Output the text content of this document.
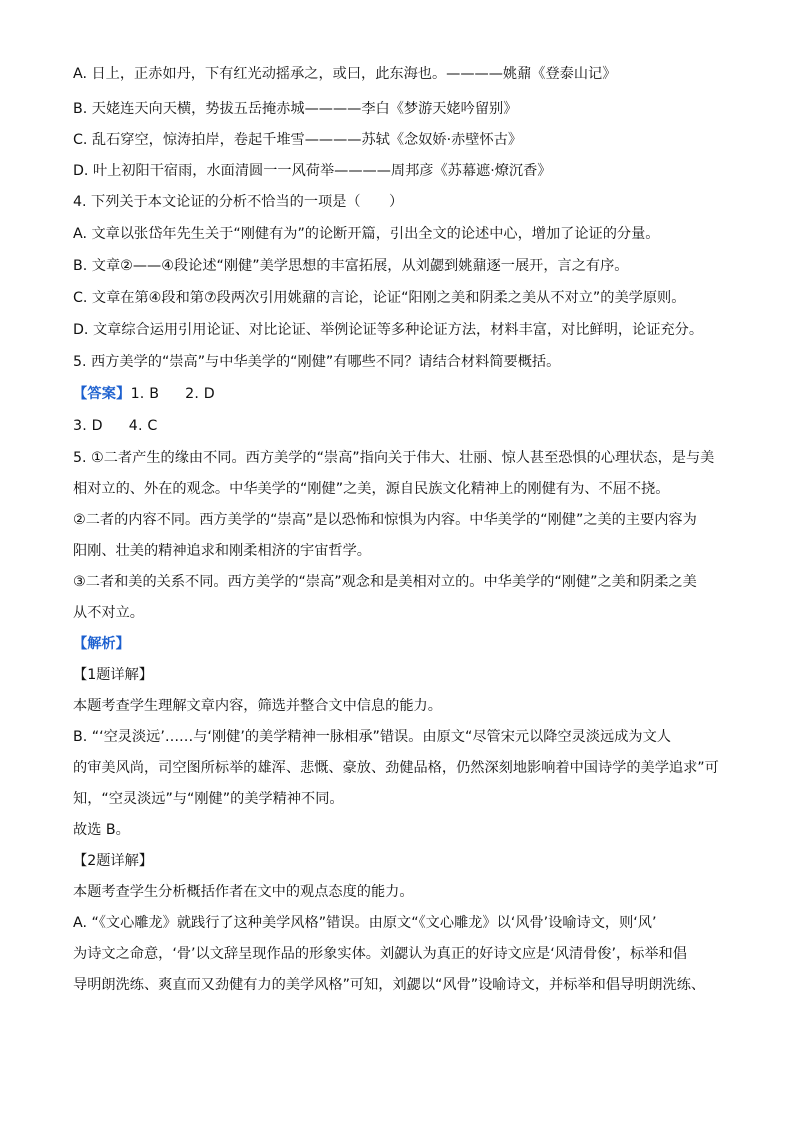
A. 日上，正赤如丹，下有红光动摇承之，或曰，此东海也。————姚鼐《登泰山记》

B. 天姥连天向天横，势拔五岳掩赤城————李白《梦游天姥吟留别》

C. 乱石穿空，惊涛拍岸，卷起千堆雪————苏轼《念奴娇·赤壁怀古》

D. 叶上初阳干宿雨，水面清圆一一风荷举————周邦彦《苏幕遮·燎沉香》

4. 下列关于本文论证的分析不恰当的一项是（　　）

A. 文章以张岱年先生关于“刚健有为”的论断开篇，引出全文的论述中心，增加了论证的分量。

B. 文章②——④段论述“刚健”美学思想的丰富拓展，从刘勰到姚鼐逐一展开，言之有序。

C. 文章在第④段和第⑦段两次引用姚鼐的言论，论证“阳刚之美和阴柔之美从不对立”的美学原则。

D. 文章综合运用引用论证、对比论证、举例论证等多种论证方法，材料丰富，对比鲜明，论证充分。

5. 西方美学的“崇高”与中华美学的“刚健”有哪些不同？请结合材料简要概括。

【答案】1. B 2. D

3. D 4. C

5. ①二者产生的缘由不同。西方美学的“崇高”指向关于伟大、壮丽、惊人甚至恐惧的心理状态，是与美

相对立的、外在的观念。中华美学的“刚健”之美，源自民族文化精神上的刚健有为、不屈不挠。

②二者的内容不同。西方美学的“崇高”是以恐怖和惊惧为内容。中华美学的“刚健”之美的主要内容为

阳刚、壮美的精神追求和刚柔相济的宇宙哲学。

③二者和美的关系不同。西方美学的“崇高”观念和是美相对立的。中华美学的“刚健”之美和阴柔之美

从不对立。

【解析】

【1题详解】

本题考查学生理解文章内容，筛选并整合文中信息的能力。

B. “‘空灵淡远’……与‘刚健’的美学精神一脉相承”错误。由原文“尽管宋元以降空灵淡远成为文人

的审美风尚，司空图所标举的雄浑、悲慨、豪放、劲健品格，仍然深刻地影响着中国诗学的美学追求”可

知，“空灵淡远”与“刚健”的美学精神不同。

故选 B。

【2题详解】

本题考查学生分析概括作者在文中的观点态度的能力。

A. “《文心雕龙》就践行了这种美学风格”错误。由原文“《文心雕龙》以‘风骨’设喻诗文，则‘风’

为诗文之命意，‘骨’以文辞呈现作品的形象实体。刘勰认为真正的好诗文应是‘风清骨俊’，标举和倡

导明朗洗练、爽直而又劲健有力的美学风格”可知，刘勰以“风骨”设喻诗文，并标举和倡导明朗洗练、
